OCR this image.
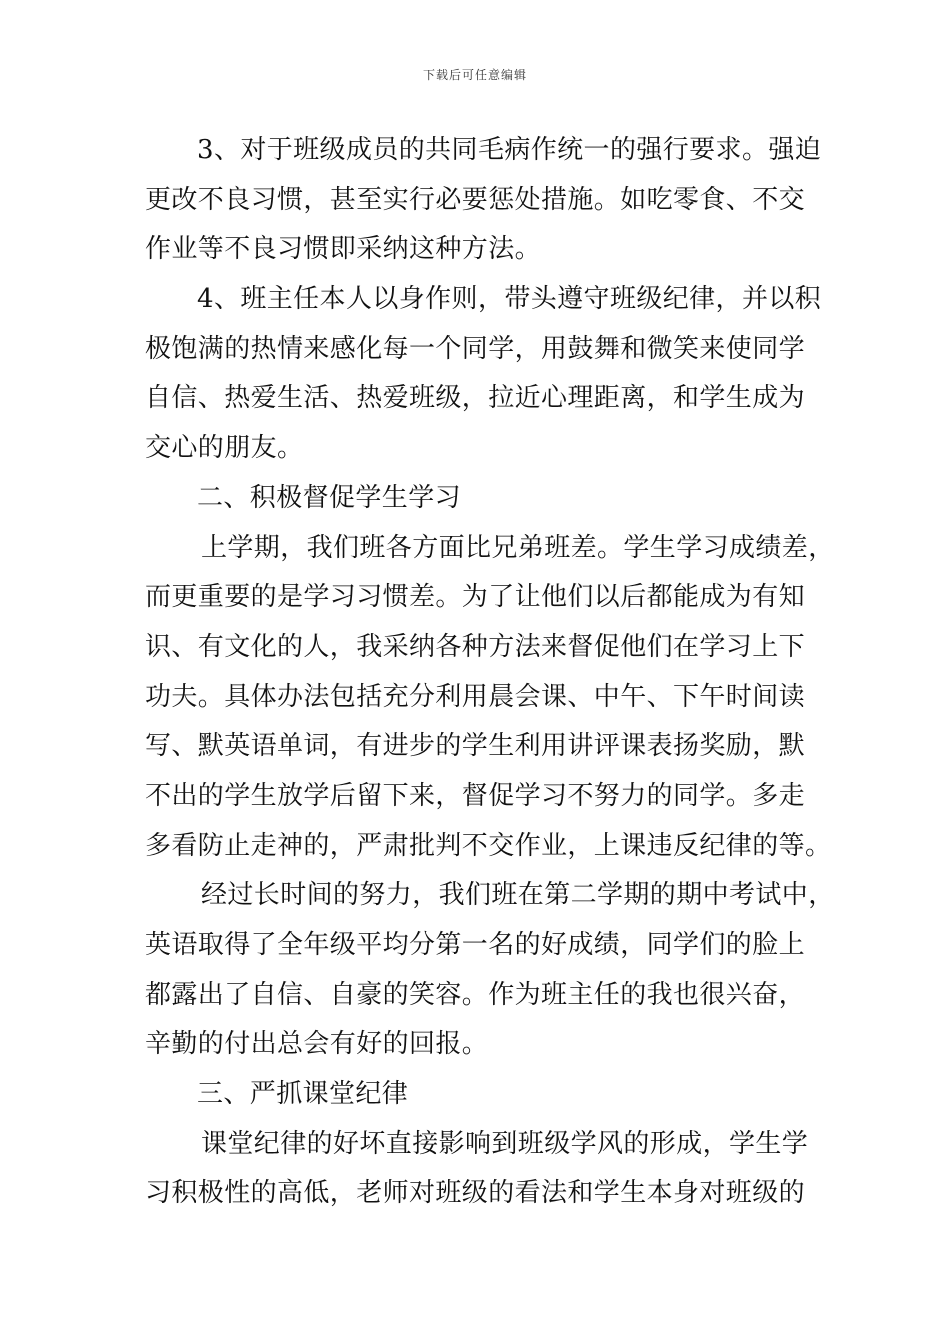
下载后可任意编辑
3、对于班级成员的共同毛病作统一的强行要求。强迫
更改不良习惯，甚至实行必要惩处措施。如吃零食、不交
作业等不良习惯即采纳这种方法。
4、班主任本人以身作则，带头遵守班级纪律，并以积
极饱满的热情来感化每一个同学，用鼓舞和微笑来使同学
自信、热爱生活、热爱班级，拉近心理距离，和学生成为
交心的朋友。
二、积极督促学生学习
上学期，我们班各方面比兄弟班差。学生学习成绩差，
而更重要的是学习习惯差。为了让他们以后都能成为有知
识、有文化的人，我采纳各种方法来督促他们在学习上下
功夫。具体办法包括充分利用晨会课、中午、下午时间读
写、默英语单词，有进步的学生利用讲评课表扬奖励，默
不出的学生放学后留下来，督促学习不努力的同学。多走
多看防止走神的，严肃批判不交作业，上课违反纪律的等。
经过长时间的努力，我们班在第二学期的期中考试中，
英语取得了全年级平均分第一名的好成绩，同学们的脸上
都露出了自信、自豪的笑容。作为班主任的我也很兴奋，
辛勤的付出总会有好的回报。
三、严抓课堂纪律
课堂纪律的好坏直接影响到班级学风的形成，学生学
习积极性的高低，老师对班级的看法和学生本身对班级的
